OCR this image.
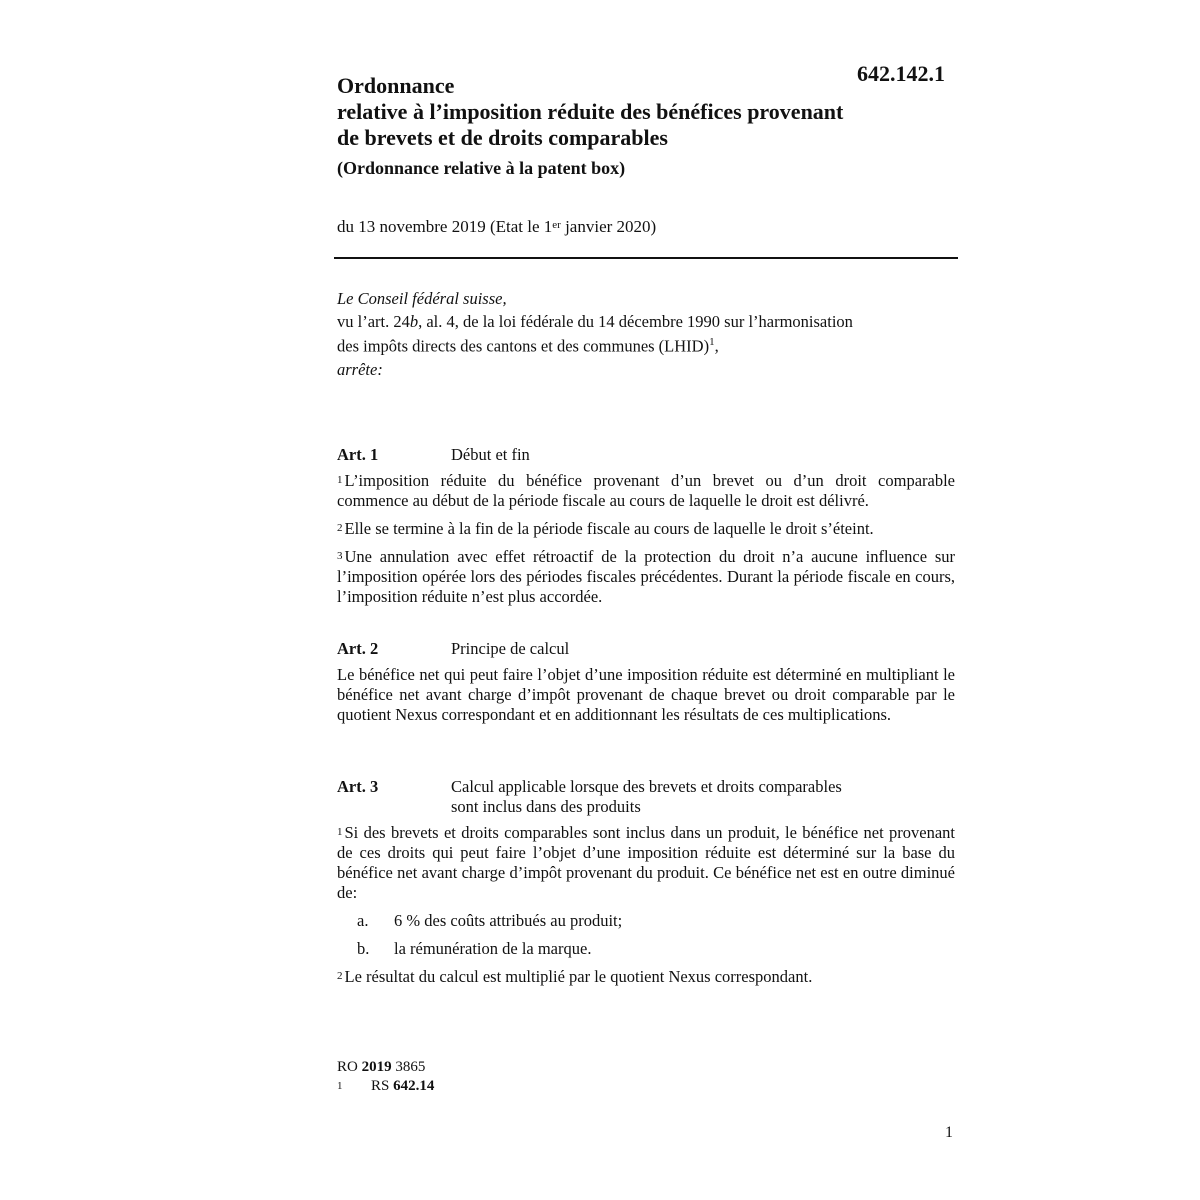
642.142.1
Ordonnance
relative à l’imposition réduite des bénéfices provenant
de brevets et de droits comparables
(Ordonnance relative à la patent box)
du 13 novembre 2019 (Etat le 1er janvier 2020)
Le Conseil fédéral suisse,
vu l’art. 24b, al. 4, de la loi fédérale du 14 décembre 1990 sur l’harmonisation
des impôts directs des cantons et des communes (LHID)$^1$,
arrête:
Art. 1	Début et fin
$^1$ L’imposition réduite du bénéfice provenant d’un brevet ou d’un droit comparable commence au début de la période fiscale au cours de laquelle le droit est délivré.
$^2$ Elle se termine à la fin de la période fiscale au cours de laquelle le droit s’éteint.
$^3$ Une annulation avec effet rétroactif de la protection du droit n’a aucune influence sur l’imposition opérée lors des périodes fiscales précédentes. Durant la période fiscale en cours, l’imposition réduite n’est plus accordée.
Art. 2	Principe de calcul
Le bénéfice net qui peut faire l’objet d’une imposition réduite est déterminé en multipliant le bénéfice net avant charge d’impôt provenant de chaque brevet ou droit comparable par le quotient Nexus correspondant et en additionnant les résultats de ces multiplications.
Art. 3	Calcul applicable lorsque des brevets et droits comparables
sont inclus dans des produits
$^1$ Si des brevets et droits comparables sont inclus dans un produit, le bénéfice net provenant de ces droits qui peut faire l’objet d’une imposition réduite est déterminé sur la base du bénéfice net avant charge d’impôt provenant du produit. Ce bénéfice net est en outre diminué de:
a.	6 % des coûts attribués au produit;
b.	la rémunération de la marque.
$^2$ Le résultat du calcul est multiplié par le quotient Nexus correspondant.
RO 2019 3865
1	RS 642.14
1
